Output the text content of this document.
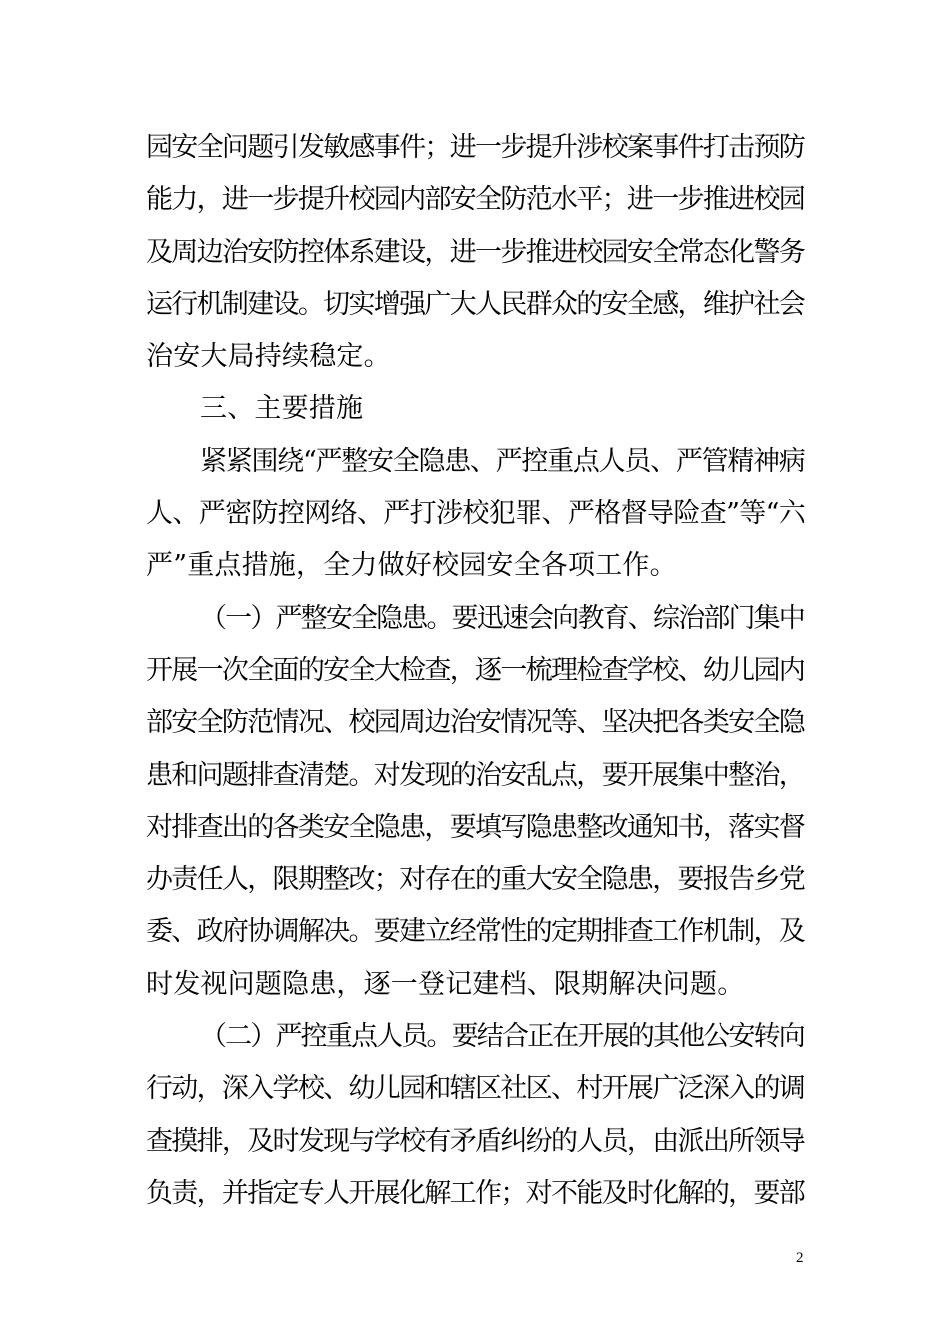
园安全问题引发敏感事件；进一步提升涉校案事件打击预防
能力，进一步提升校园内部安全防范水平；进一步推进校园
及周边治安防控体系建设，进一步推进校园安全常态化警务
运行机制建设。切实增强广大人民群众的安全感，维护社会
治安大局持续稳定。
三、主要措施
紧紧围绕“严整安全隐患、严控重点人员、严管精神病
人、严密防控网络、严打涉校犯罪、严格督导险查”等“六
严”重点措施，全力做好校园安全各项工作。
（一）严整安全隐患。要迅速会向教育、综治部门集中
开展一次全面的安全大检查，逐一梳理检查学校、幼儿园内
部安全防范情况、校园周边治安情况等、坚决把各类安全隐
患和问题排查清楚。对发现的治安乱点，要开展集中整治，
对排查出的各类安全隐患，要填写隐患整改通知书，落实督
办责任人，限期整改；对存在的重大安全隐患，要报告乡党
委、政府协调解决。要建立经常性的定期排查工作机制，及
时发视问题隐患，逐一登记建档、限期解决问题。
（二）严控重点人员。要结合正在开展的其他公安转向
行动，深入学校、幼儿园和辖区社区、村开展广泛深入的调
查摸排，及时发现与学校有矛盾纠纷的人员，由派出所领导
负责，并指定专人开展化解工作；对不能及时化解的，要部
2
